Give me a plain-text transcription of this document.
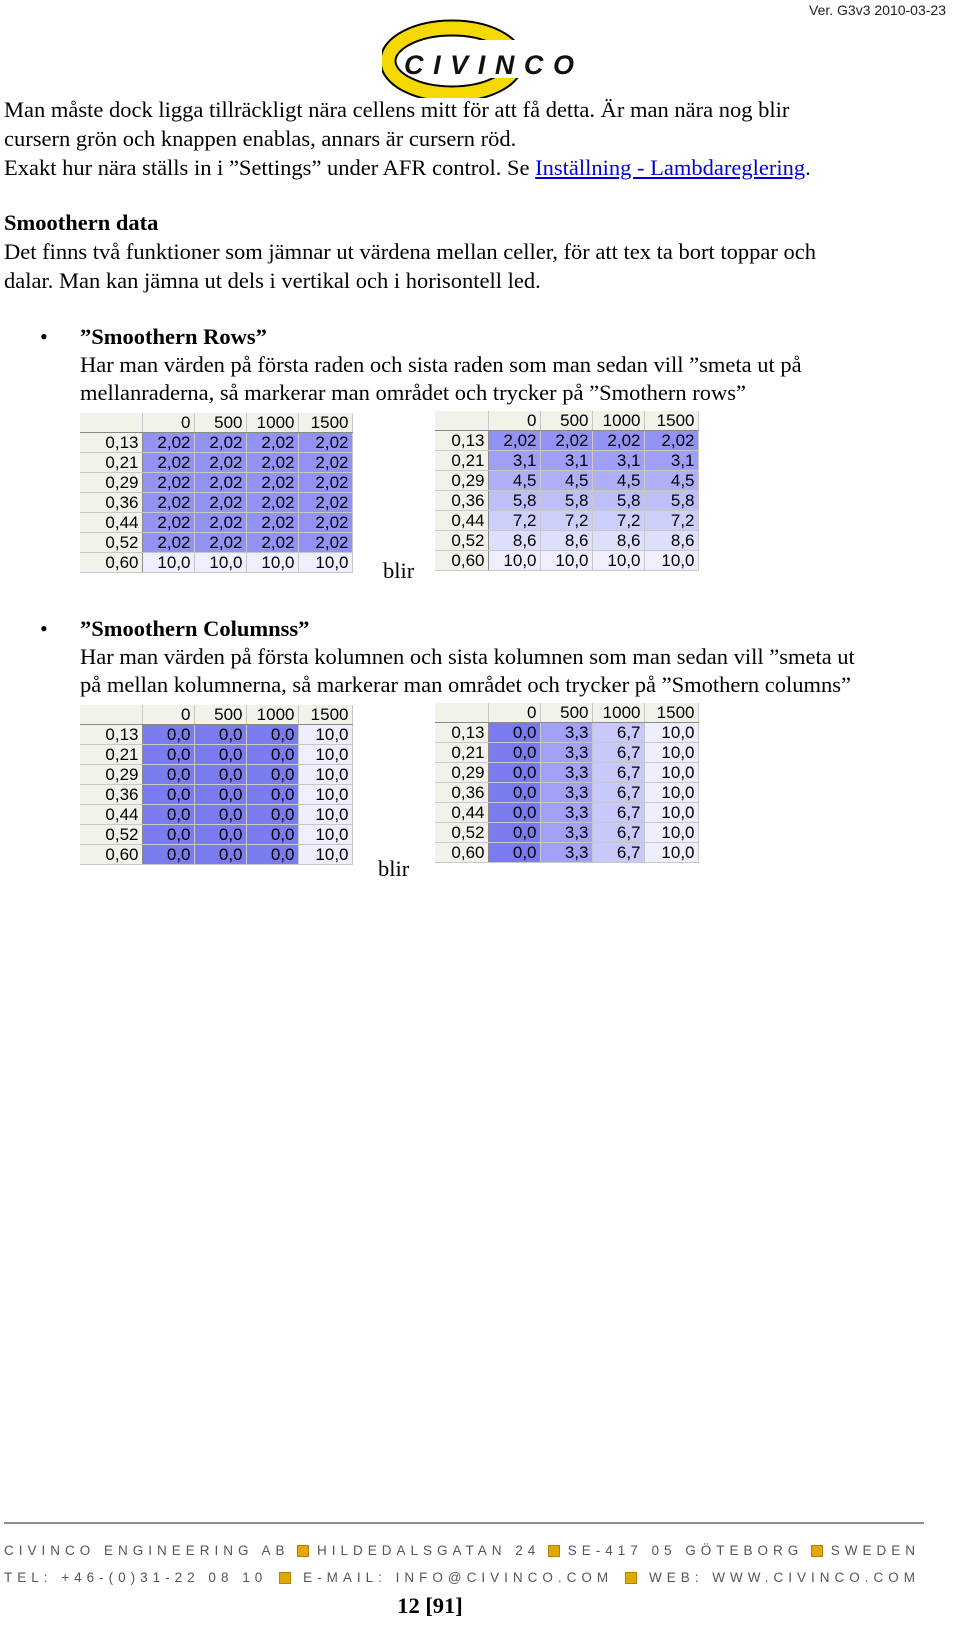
Ver. G3v3 2010-03-23
CIVINCO
Man måste dock ligga tillräckligt nära cellens mitt för att få detta. Är man nära nog blir
cursern grön och knappen enablas, annars är cursern röd.
Exakt hur nära ställs in i ”Settings” under AFR control. Se Inställning - Lambdareglering.
Smoothern data
Det finns två funktioner som jämnar ut värdena mellan celler, för att tex ta bort toppar och
dalar. Man kan jämna ut dels i vertikal och i horisontell led.
• ”Smoothern Rows”
Har man värden på första raden och sista raden som man sedan vill ”smeta ut på
mellanraderna, så markerar man området och trycker på ”Smothern rows”
	0	500	1000	1500
0,13	2,02	2,02	2,02	2,02
0,21	2,02	2,02	2,02	2,02
0,29	2,02	2,02	2,02	2,02
0,36	2,02	2,02	2,02	2,02
0,44	2,02	2,02	2,02	2,02
0,52	2,02	2,02	2,02	2,02
0,60	10,0	10,0	10,0	10,0 blir
	0	500	1000	1500
0,13	2,02	2,02	2,02	2,02
0,21	3,1	3,1	3,1	3,1
0,29	4,5	4,5	4,5	4,5
0,36	5,8	5,8	5,8	5,8
0,44	7,2	7,2	7,2	7,2
0,52	8,6	8,6	8,6	8,6
0,60	10,0	10,0	10,0	10,0
• ”Smoothern Columnss”
Har man värden på första kolumnen och sista kolumnen som man sedan vill ”smeta ut
på mellan kolumnerna, så markerar man området och trycker på ”Smothern columns”
	0	500	1000	1500
0,13	0,0	0,0	0,0	10,0
0,21	0,0	0,0	0,0	10,0
0,29	0,0	0,0	0,0	10,0
0,36	0,0	0,0	0,0	10,0
0,44	0,0	0,0	0,0	10,0
0,52	0,0	0,0	0,0	10,0
0,60	0,0	0,0	0,0	10,0
blir
	0	500	1000	1500
0,13	0,0	3,3	6,7	10,0
0,21	0,0	3,3	6,7	10,0
0,29	0,0	3,3	6,7	10,0
0,36	0,0	3,3	6,7	10,0
0,44	0,0	3,3	6,7	10,0
0,52	0,0	3,3	6,7	10,0
0,60	0,0	3,3	6,7	10,0
CIVINCO ENGINEERING AB HILDEDALSGATAN 24 SE-417 05 GÖTEBORG SWEDEN
TEL: +46-(0)31-22 08 10	E-MAIL: INFO@CIVINCO.COM	WEB: WWW.CIVINCO.COM
12 [91]
